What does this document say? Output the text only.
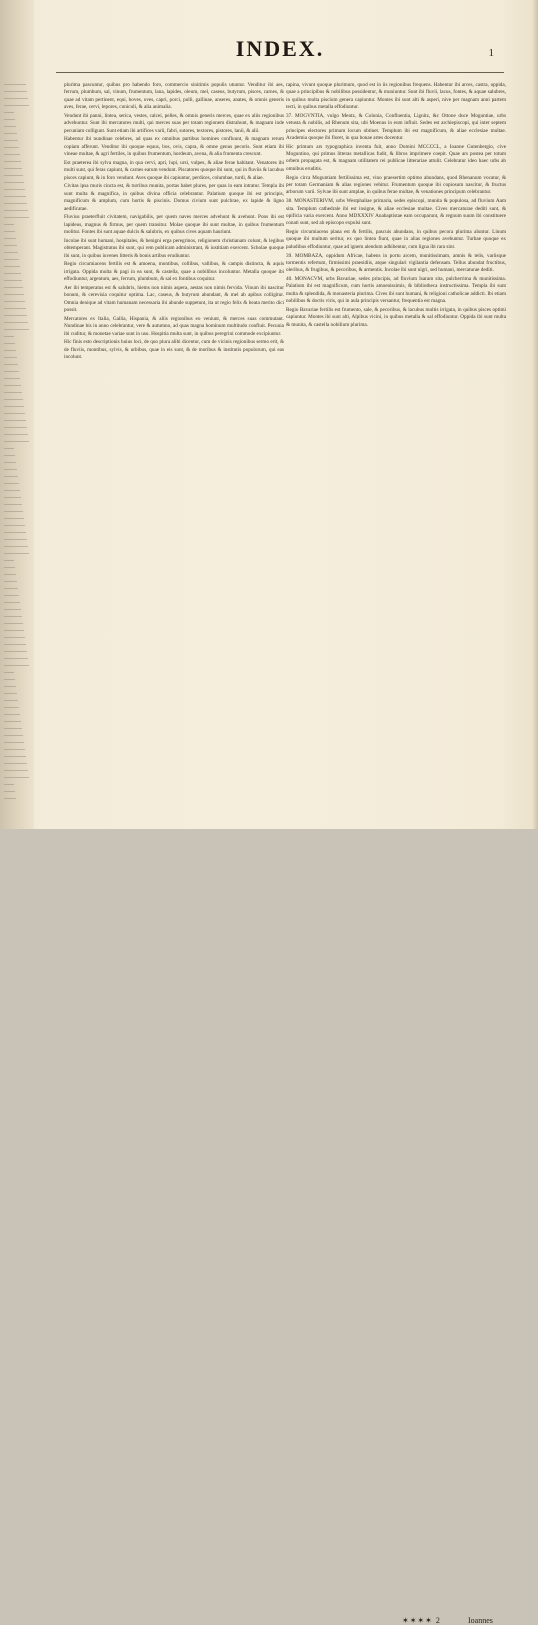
INDEX.	1

plurima pascuntur, quibus pro habendo foro, commercio sinitimis populis utuntur. Venditur ibi aes, ferrum, plumbum, sal, vinum, frumentum, lana, lapides, oleum, mel, caseus, butyrum, pisces, carnes, & quae ad vitam pertinent, equi, boves, oves, capri, porci, pulli, gallinae, anseres, anates, & omnis generis aves, ferae, cervi, lepores, cuniculi, & alia animalia.

Vendunt ibi panni, lintea, serica, vestes, calcei, pelles, & omnis generis merces, quae ex aliis regionibus advehuntur. Sunt ibi mercatores multi, qui merces suas per totam regionem distrahunt, & magnam inde pecuniam colligunt. Sunt etiam ibi artifices varii, fabri, sutores, textores, pistores, lanii, & alii.

Habentur ibi nundinae celebres, ad quas ex omnibus partibus homines confluunt, & magnam rerum copiam afferunt. Venditur ibi quoque equus, bos, ovis, capra, & omne genus pecoris. Sunt etiam ibi vineae multae, & agri fertiles, in quibus frumentum, hordeum, avena, & alia frumenta crescunt.

Est praeterea ibi sylva magna, in qua cervi, apri, lupi, ursi, vulpes, & aliae ferae habitant. Venatores ibi multi sunt, qui feras capiunt, & carnes earum vendunt. Piscatores quoque ibi sunt, qui in fluviis & lacubus pisces capiunt, & in foro vendunt. Aves quoque ibi capiuntur, perdices, columbae, turdi, & aliae.

Civitas ipsa muris cincta est, & turribus munita, portas habet plures, per quas in eam intratur. Templa ibi sunt multa & magnifica, in quibus divina officia celebrantur. Palatium quoque ibi est principis, magnificum & amplum, cum hortis & piscinis. Domus civium sunt pulchrae, ex lapide & ligno aedificatae.

Fluvius praeterfluit civitatem, navigabilis, per quem naves merces advehunt & avehunt. Pons ibi est lapideus, magnus & firmus, per quem transitur. Molae quoque ibi sunt multae, in quibus frumentum molitur. Fontes ibi sunt aquae dulcis & salubris, ex quibus cives aquam hauriunt.

Incolae ibi sunt humani, hospitales, & benigni erga peregrinos, religionem christianam colunt, & legibus obtemperant. Magistratus ibi sunt, qui rem publicam administrant, & iustitiam exercent. Scholae quoque ibi sunt, in quibus iuvenes litteris & bonis artibus erudiuntur.

Regio circumiacens fertilis est & amoena, montibus, collibus, vallibus, & campis distincta, & aquis irrigata. Oppida multa & pagi in ea sunt, & castella, quae a nobilibus incoluntur. Metalla quoque ibi effodiuntur, argentum, aes, ferrum, plumbum, & sal ex fontibus coquitur.

Aer ibi temperatus est & salubris, hiems non nimis aspera, aestas non nimis fervida. Vinum ibi nascitur bonum, & cerevisia coquitur optima. Lac, caseus, & butyrum abundant, & mel ab apibus colligitur. Omnia denique ad vitam humanam necessaria ibi abunde suppetunt, ita ut regio felix & beata merito dici possit.

Mercatores ex Italia, Gallia, Hispania, & aliis regionibus eo veniunt, & merces suas commutant. Nundinae bis in anno celebrantur, vere & autumno, ad quas magna hominum multitudo confluit. Pecunia ibi cuditur, & monetae variae sunt in usu. Hospitia multa sunt, in quibus peregrini commode excipiuntur.

Hic finis esto descriptionis huius loci, de quo plura alibi dicentur, cum de vicinis regionibus sermo erit, & de fluviis, montibus, sylvis, & urbibus, quae in eis sunt, & de moribus & institutis populorum, qui eas incolunt.

rapina, vivunt quoque plurimum, quod est in iis regionibus frequens. Habentur ibi arces, castra, oppida, quae a principibus & nobilibus possidentur, & muniuntur. Sunt ibi fluvii, lacus, fontes, & aquae salubres, in quibus multa piscium genera capiuntur. Montes ibi sunt alti & asperi, nive per magnam anni partem tecti, in quibus metalla effodiuntur.

37. MOGVNTIA, vulgo Mentz, & Colonia, Confluentia, Lignitz, &c Ottone duce Moguntiae, urbs vetusta & nobilis, ad Rhenum sita, ubi Moenus in eum influit. Sedes est archiepiscopi, qui inter septem principes electores primum locum obtinet. Templum ibi est magnificum, & aliae ecclesiae multae. Academia quoque ibi floret, in qua bonae artes docentur.

Hic primum ars typographica inventa fuit, anno Domini MCCCCL, a Ioanne Gutenbergio, cive Moguntino, qui primus litteras metallicas fudit, & libros imprimere coepit. Quae ars postea per totum orbem propagata est, & magnam utilitatem rei publicae litterariae attulit. Celebratur ideo haec urbs ab omnibus eruditis.

Regio circa Moguntiam fertilissima est, vino praesertim optimo abundans, quod Rhenanum vocatur, & per totam Germaniam & alias regiones vehitur. Frumentum quoque ibi copiosum nascitur, & fructus arborum varii. Sylvae ibi sunt amplae, in quibus ferae multae, & venationes principum celebrantur.

38. MONASTERIVM, urbs Westphaliae primaria, sedes episcopi, munita & populosa, ad fluvium Aam sita. Templum cathedrale ibi est insigne, & aliae ecclesiae multae. Cives mercaturae dediti sunt, & opificia varia exercent. Anno MDXXXIV Anabaptistae eam occuparunt, & regnum suum ibi constituere conati sunt, sed ab episcopo expulsi sunt.

Regio circumiacens plana est & fertilis, pascuis abundans, in quibus pecora plurima aluntur. Linum quoque ibi multum seritur, ex quo lintea fiunt, quae in alias regiones avehuntur. Turbae quoque ex paludibus effodiuntur, quae ad ignem alendum adhibentur, cum ligna ibi rara sint.

39. MOMBAZA, oppidum Africae, habens in portu arcem, munitissimam, amnis & telis, variisque tormentis refertum, firmissimi praesidiis, atque singulari vigilantia defensam. Tellus abundat fructibus, oleribus, & frugibus, & pecoribus, & armentis. Incolae ibi sunt nigri, sed humani, mercaturae dediti.

40. MONACVM, urbs Bavariae, sedes principis, ad fluvium Isaram sita, pulcherrima & munitissima. Palatium ibi est magnificum, cum hortis amoenissimis, & bibliotheca instructissima. Templa ibi sunt multa & splendida, & monasteria plurima. Cives ibi sunt humani, & religioni catholicae addicti. Ibi etiam nobilibus & doctis viris, qui in aula principis versantur, frequentia est magna.

Regio Bavariae fertilis est frumento, sale, & pecoribus, & lacubus multis irrigata, in quibus pisces optimi capiuntur. Montes ibi sunt alti, Alpibus vicini, in quibus metalla & sal effodiuntur. Oppida ibi sunt multa & munita, & castella nobilium plurima.

✶✶✶✶ 2	Ioannes
